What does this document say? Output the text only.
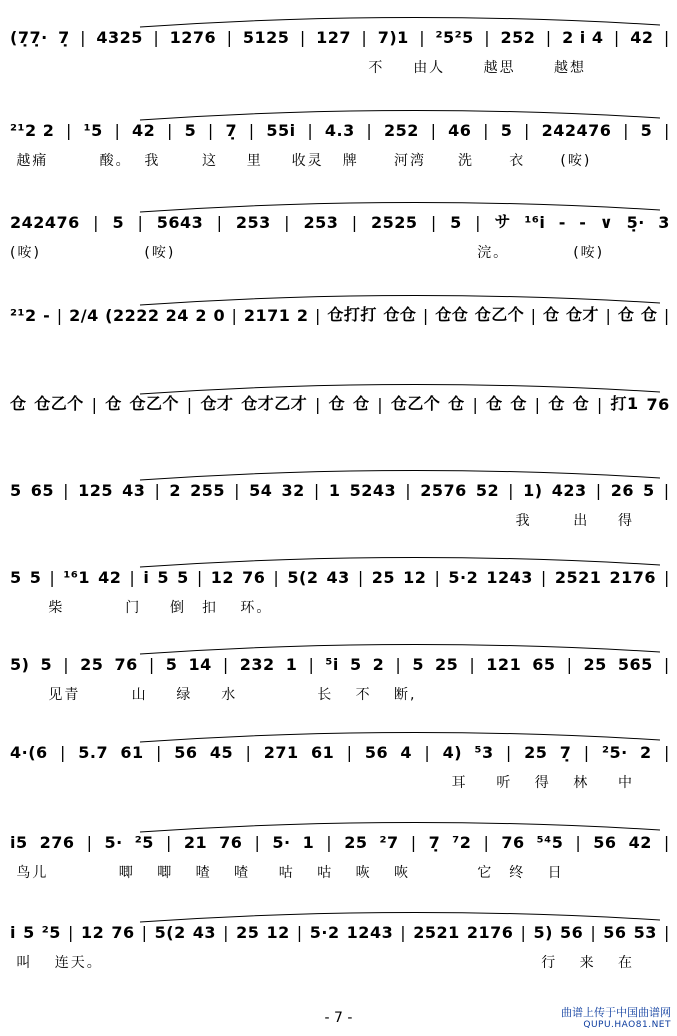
(7̣7̣· 7̣ | 4325 | 1276 | 5125 | 127 | 7)1 | ²5²5 | 252 | 2 i 4 | 42 |
不 由人	越思	越想
²¹2 2 | ¹5 | 42 | 5 | 7̣ | 55i | 4.3 | 252 | 46 | 5 | 242476 | 5 |
越痛	酸。 我	这 里 收灵 牌	河湾 洗	衣	(咹)
242476 | 5 | 5643 | 253 | 253 | 2525 | 5 | サ ¹⁶i - - ∨ 5̣· 3
(咹)	(咹)	浣。	(咹)
²¹2 - | 2/4 (2222 24 2 0 | 2171 2 | 仓打打 仓仓 | 仓仓 仓乙个 | 仓 仓才 | 仓 仓 |
仓 仓乙个 | 仓 仓乙个 | 仓才 仓才乙才 | 仓 仓 | 仓乙个 仓 | 仓 仓 | 仓 仓 | 打1 76
5 65 | 125 43 | 2 255 | 54 32 | 1 5243 | 2576 52 | 1) 423 | 26 5 |
我	出 得
5 5 | ¹⁶1 42 | i 5 5 | 12 76 | 5(2 43 | 25 12 | 5·2 1243 | 2521 2176 |
柴	门 倒 扣 环。
5) 5 | 25 76 | 5 14 | 232 1 | ⁵i 5 2 | 5 25 | 121 65 | 25 565 |
见青	山 绿 水	长 不 断,
4·(6 | 5.7 61 | 56 45 | 271 61 | 56 4 | 4) ⁵3 | 25 7̣ | ²5· 2 |
耳 听 得 林 中
i5 276 | 5· ²5 | 21 76 | 5· 1 | 25 ²7 | 7̣ ⁷2 | 76 ⁵⁴5 | 56 42 |
鸟儿	唧 唧 喳 喳 咕 咕 咴 咴	它 终 日
i 5 ²5 | 12 76 | 5(2 43 | 25 12 | 5·2 1243 | 2521 2176 | 5) 56 | 56 53 |
叫 连天。	行 来 在
- 7 -	曲谱上传于中国曲谱网
QUPU.HAO81.NET
